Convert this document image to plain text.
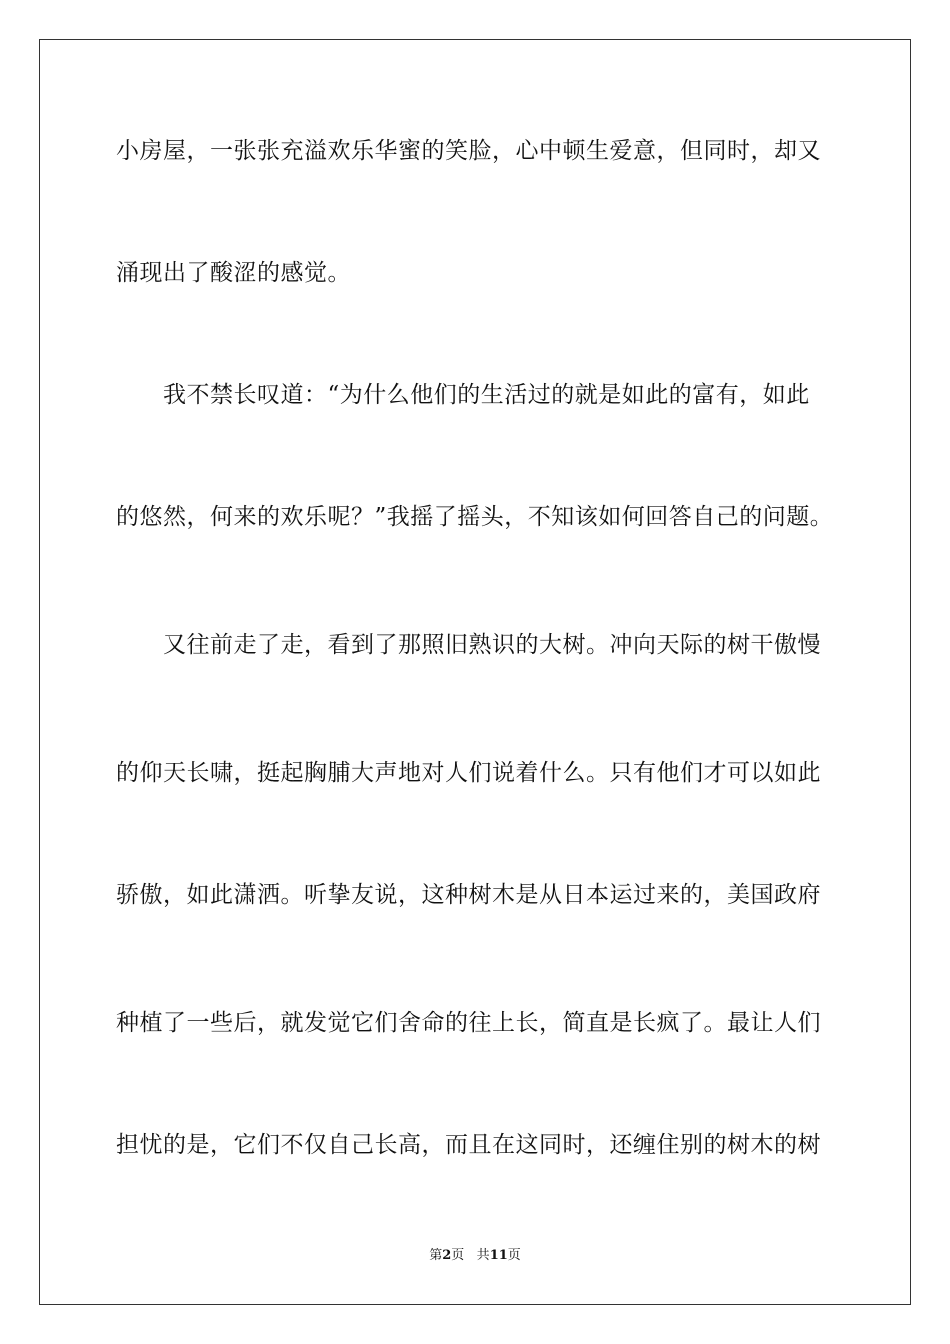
小房屋，一张张充溢欢乐华蜜的笑脸，心中顿生爱意，但同时，却又
涌现出了酸涩的感觉。
　　我不禁长叹道：“为什么他们的生活过的就是如此的富有，如此
的悠然，何来的欢乐呢？”我摇了摇头，不知该如何回答自己的问题。
　　又往前走了走，看到了那照旧熟识的大树。冲向天际的树干傲慢
的仰天长啸，挺起胸脯大声地对人们说着什么。只有他们才可以如此
骄傲，如此潇洒。听挚友说，这种树木是从日本运过来的，美国政府
种植了一些后，就发觉它们舍命的往上长，简直是长疯了。最让人们
担忧的是，它们不仅自己长高，而且在这同时，还缠住别的树木的树
第2页 共11页
